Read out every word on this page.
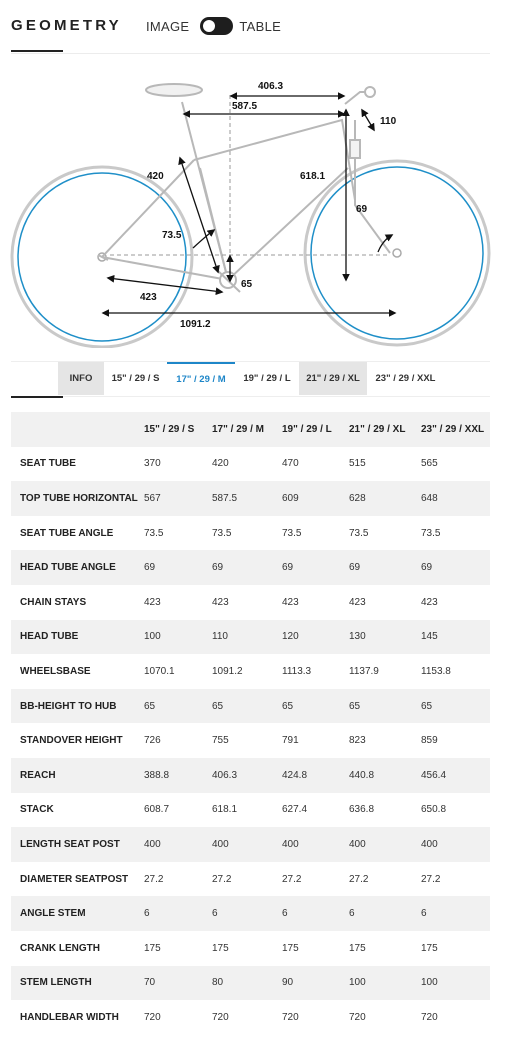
GEOMETRY IMAGE	TABLE
406.3
587.5
110
420	618.1
73.5
69
65
423
1091.2
INFO	15" / 29 / S	17" / 29 / M	19" / 29 / L	21" / 29 / XL	23" / 29 / XXL
	15" / 29 / S	17" / 29 / M	19" / 29 / L	21" / 29 / XL	23" / 29 / XXL
SEAT TUBE	370	420	470	515	565
TOP TUBE HORIZONTAL	567	587.5	609	628	648
SEAT TUBE ANGLE	73.5	73.5	73.5	73.5	73.5
HEAD TUBE ANGLE	69	69	69	69	69
CHAIN STAYS	423	423	423	423	423
HEAD TUBE	100	110	120	130	145
WHEELSBASE	1070.1	1091.2	1113.3	1137.9	1153.8
BB-HEIGHT TO HUB	65	65	65	65	65
STANDOVER HEIGHT	726	755	791	823	859
REACH	388.8	406.3	424.8	440.8	456.4
STACK	608.7	618.1	627.4	636.8	650.8
LENGTH SEAT POST	400	400	400	400	400
DIAMETER SEATPOST	27.2	27.2	27.2	27.2	27.2
ANGLE STEM	6	6	6	6	6
CRANK LENGTH	175	175	175	175	175
STEM LENGTH	70	80	90	100	100
HANDLEBAR WIDTH	720	720	720	720	720
